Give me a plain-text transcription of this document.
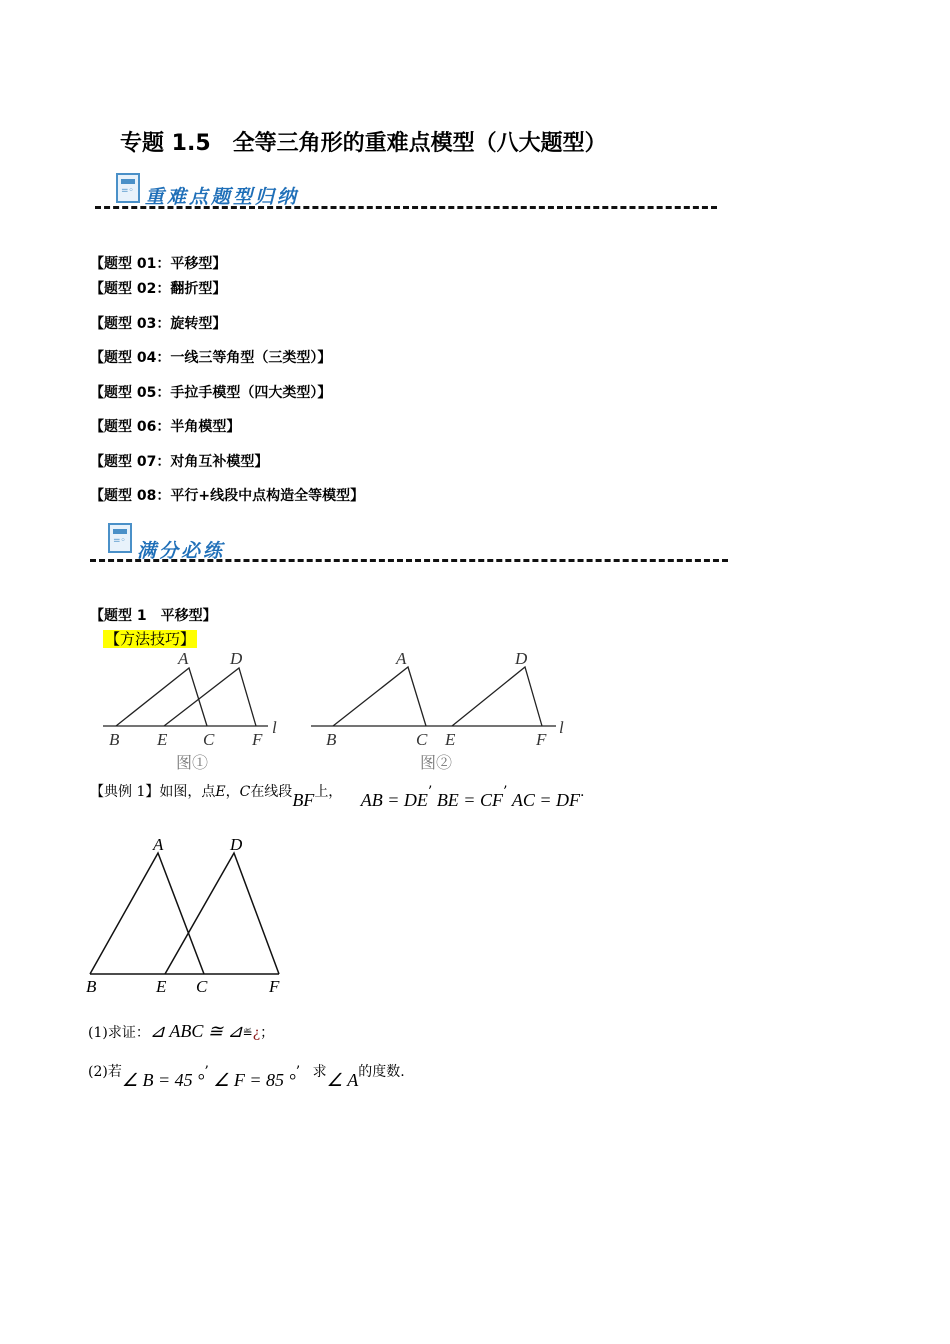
专题 1.5　全等三角形的重难点模型（八大题型）
=◦
重难点题型归纳
【题型 01：平移型】
【题型 02：翻折型】
【题型 03：旋转型】
【题型 04：一线三等角型（三类型）】
【题型 05：手拉手模型（四大类型）】
【题型 06：半角模型】
【题型 07：对角互补模型】
【题型 08：平行+线段中点构造全等模型】
=◦
满分必练
【题型 1　平移型】
【方法技巧】
A D
B E C F
l
A	D
B	C E	F
l
A	D
B	E C	F
图①	图②
【典例 1】如图，点E，C在线段BF上， AB = DE’ BE = CF’ AC = DF.
(1)求证：⊿ ABC ≅ ⊿≝¿；
(2)若∠ B = 45 °’ ∠ F = 85 °’ 求∠ A的度数.
